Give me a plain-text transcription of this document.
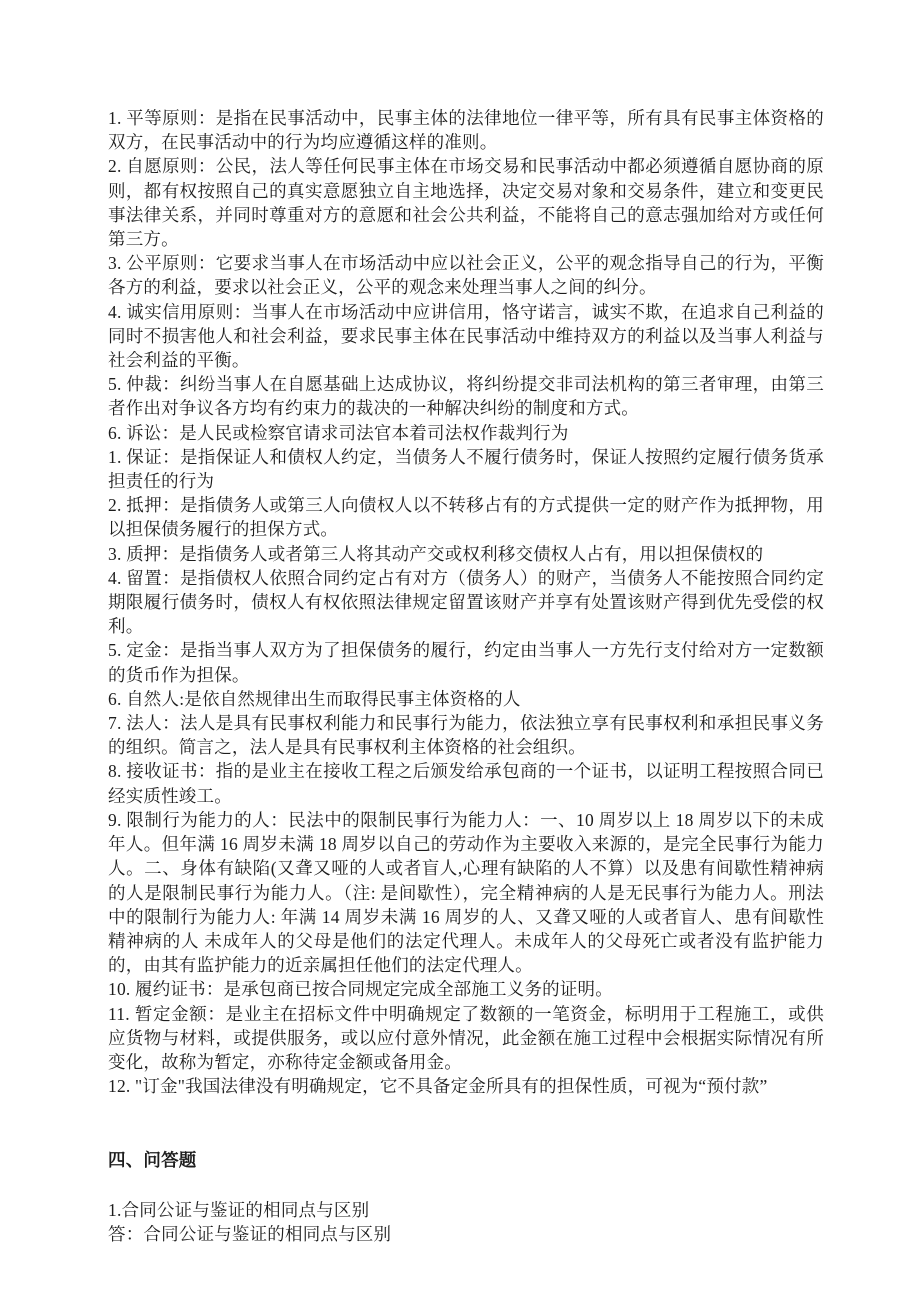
1. 平等原则：是指在民事活动中，民事主体的法律地位一律平等，所有具有民事主体资格的双方，在民事活动中的行为均应遵循这样的准则。

2. 自愿原则：公民，法人等任何民事主体在市场交易和民事活动中都必须遵循自愿协商的原则，都有权按照自己的真实意愿独立自主地选择，决定交易对象和交易条件，建立和变更民事法律关系，并同时尊重对方的意愿和社会公共利益，不能将自己的意志强加给对方或任何第三方。

3. 公平原则：它要求当事人在市场活动中应以社会正义，公平的观念指导自己的行为，平衡各方的利益，要求以社会正义，公平的观念来处理当事人之间的纠分。

4. 诚实信用原则：当事人在市场活动中应讲信用，恪守诺言，诚实不欺，在追求自己利益的同时不损害他人和社会利益，要求民事主体在民事活动中维持双方的利益以及当事人利益与社会利益的平衡。

5. 仲裁：纠纷当事人在自愿基础上达成协议，将纠纷提交非司法机构的第三者审理，由第三者作出对争议各方均有约束力的裁决的一种解决纠纷的制度和方式。

6. 诉讼：是人民或检察官请求司法官本着司法权作裁判行为

1. 保证：是指保证人和债权人约定，当债务人不履行债务时，保证人按照约定履行债务货承担责任的行为

2. 抵押：是指债务人或第三人向债权人以不转移占有的方式提供一定的财产作为抵押物，用以担保债务履行的担保方式。

3. 质押：是指债务人或者第三人将其动产交或权利移交债权人占有，用以担保债权的

4. 留置：是指债权人依照合同约定占有对方（债务人）的财产，当债务人不能按照合同约定期限履行债务时，债权人有权依照法律规定留置该财产并享有处置该财产得到优先受偿的权利。

5. 定金：是指当事人双方为了担保债务的履行，约定由当事人一方先行支付给对方一定数额的货币作为担保。

6. 自然人:是依自然规律出生而取得民事主体资格的人

7. 法人：法人是具有民事权利能力和民事行为能力，依法独立享有民事权利和承担民事义务的组织。简言之，法人是具有民事权利主体资格的社会组织。

8. 接收证书：指的是业主在接收工程之后颁发给承包商的一个证书，以证明工程按照合同已经实质性竣工。

9. 限制行为能力的人：民法中的限制民事行为能力人：一、10 周岁以上 18 周岁以下的未成年人。但年满 16 周岁未满 18 周岁以自己的劳动作为主要收入来源的，是完全民事行为能力人。二、身体有缺陷(又聋又哑的人或者盲人,心理有缺陷的人不算）以及患有间歇性精神病的人是限制民事行为能力人。（注: 是间歇性），完全精神病的人是无民事行为能力人。刑法中的限制行为能力人: 年满 14 周岁未满 16 周岁的人、又聋又哑的人或者盲人、患有间歇性精神病的人 未成年人的父母是他们的法定代理人。未成年人的父母死亡或者没有监护能力的，由其有监护能力的近亲属担任他们的法定代理人。

10. 履约证书：是承包商已按合同规定完成全部施工义务的证明。

11. 暂定金额：是业主在招标文件中明确规定了数额的一笔资金，标明用于工程施工，或供应货物与材料，或提供服务，或以应付意外情况，此金额在施工过程中会根据实际情况有所变化，故称为暂定，亦称待定金额或备用金。

12. "订金"我国法律没有明确规定，它不具备定金所具有的担保性质，可视为“预付款”

四、问答题

1.合同公证与鉴证的相同点与区别

答：合同公证与鉴证的相同点与区别
